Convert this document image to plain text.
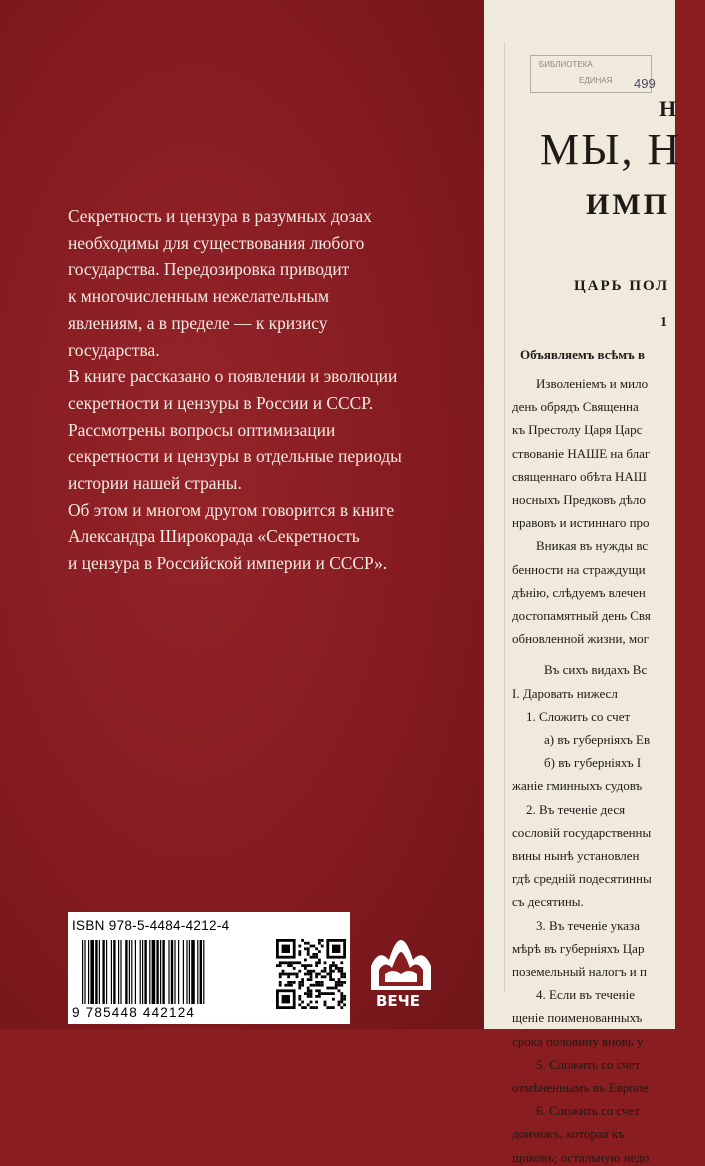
Секретность и цензура в разумных дозах

необходимы для существования любого

государства. Передозировка приводит

к многочисленным нежелательным

явлениям, а в пределе — к кризису

государства.

В книге рассказано о появлении и эволюции

секретности и цензуры в России и СССР.

Рассмотрены вопросы оптимизации

секретности и цензуры в отдельные периоды

истории нашей страны.

Об этом и многом другом говорится в книге

Александра Широкорада «Секретность

и цензура в Российской империи и СССР».

ISBN 978-5-4484-4212-4
9 785448 442124
ВЕЧЕ
БИБЛИОТЕКА
ЕДИНАЯ 499
Н
МЫ, Н
ИМП
ЦАРЬ ПОЛ
1
Объявляемъ всѣмъ в
Изволеніемъ и мило
день обрядъ Священна
къ Престолу Царя Царс
ствованіе НАШЕ на благ
священнаго обѣта НАШ
носныхъ Предковъ дѣло
нравовъ и истиннаго про
Вникая въ нужды вс
бенности на страждущи
дѣнію, слѣдуемъ влечен
достопамятный день Свя
обновленной жизни, мог
Въ сихъ видахъ Вс
I. Даровать нижесл
1. Сложить со счет
а) въ губерніяхъ Ев
б) въ губерніяхъ І
жаніе гминныхъ судовъ
2. Въ теченіе деся
сословій государственны
вины нынѣ установлен
гдѣ средній подесятинны
съ десятины.
3. Въ теченіе указа
мѣрѣ въ губерніяхъ Цар
поземельный налогъ и п
4. Если въ теченіе
щеніе поименованныхъ
срока половину вновь у
5. Сложить со счет
отмѣненнымъ въ Европе
6. Сложить со счет
доимокъ, которая къ
щиковъ; остальную недо
